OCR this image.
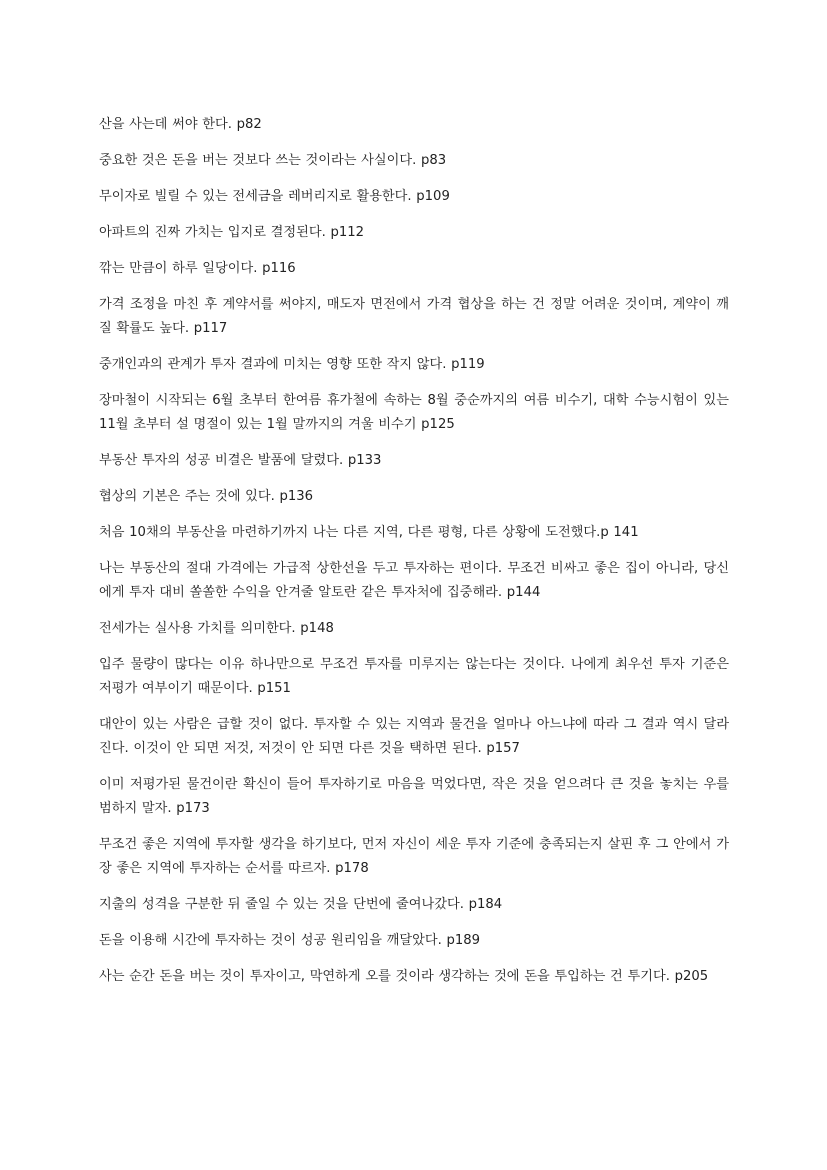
산을 사는데 써야 한다. p82

중요한 것은 돈을 버는 것보다 쓰는 것이라는 사실이다. p83

무이자로 빌릴 수 있는 전세금을 레버리지로 활용한다. p109

아파트의 진짜 가치는 입지로 결정된다. p112

깎는 만큼이 하루 일당이다. p116

가격 조정을 마친 후 계약서를 써야지, 매도자 면전에서 가격 협상을 하는 건 정말 어려운 것이며, 계약이 깨질 확률도 높다. p117

중개인과의 관계가 투자 결과에 미치는 영향 또한 작지 않다. p119

장마철이 시작되는 6월 초부터 한여름 휴가철에 속하는 8월 중순까지의 여름 비수기, 대학 수능시험이 있는 11월 초부터 설 명절이 있는 1월 말까지의 겨울 비수기 p125

부동산 투자의 성공 비결은 발품에 달렸다. p133

협상의 기본은 주는 것에 있다. p136

처음 10채의 부동산을 마련하기까지 나는 다른 지역, 다른 평형, 다른 상황에 도전했다.p 141

나는 부동산의 절대 가격에는 가급적 상한선을 두고 투자하는 편이다. 무조건 비싸고 좋은 집이 아니라, 당신에게 투자 대비 쏠쏠한 수익을 안겨줄 알토란 같은 투자처에 집중해라. p144

전세가는 실사용 가치를 의미한다. p148

입주 물량이 많다는 이유 하나만으로 무조건 투자를 미루지는 않는다는 것이다. 나에게 최우선 투자 기준은 저평가 여부이기 때문이다. p151

대안이 있는 사람은 급할 것이 없다. 투자할 수 있는 지역과 물건을 얼마나 아느냐에 따라 그 결과 역시 달라진다. 이것이 안 되면 저것, 저것이 안 되면 다른 것을 택하면 된다. p157

이미 저평가된 물건이란 확신이 들어 투자하기로 마음을 먹었다면, 작은 것을 얻으려다 큰 것을 놓치는 우를 범하지 말자. p173

무조건 좋은 지역에 투자할 생각을 하기보다, 먼저 자신이 세운 투자 기준에 충족되는지 살핀 후 그 안에서 가장 좋은 지역에 투자하는 순서를 따르자. p178

지출의 성격을 구분한 뒤 줄일 수 있는 것을 단번에 줄여나갔다. p184

돈을 이용해 시간에 투자하는 것이 성공 원리임을 깨달았다. p189

사는 순간 돈을 버는 것이 투자이고, 막연하게 오를 것이라 생각하는 것에 돈을 투입하는 건 투기다. p205
